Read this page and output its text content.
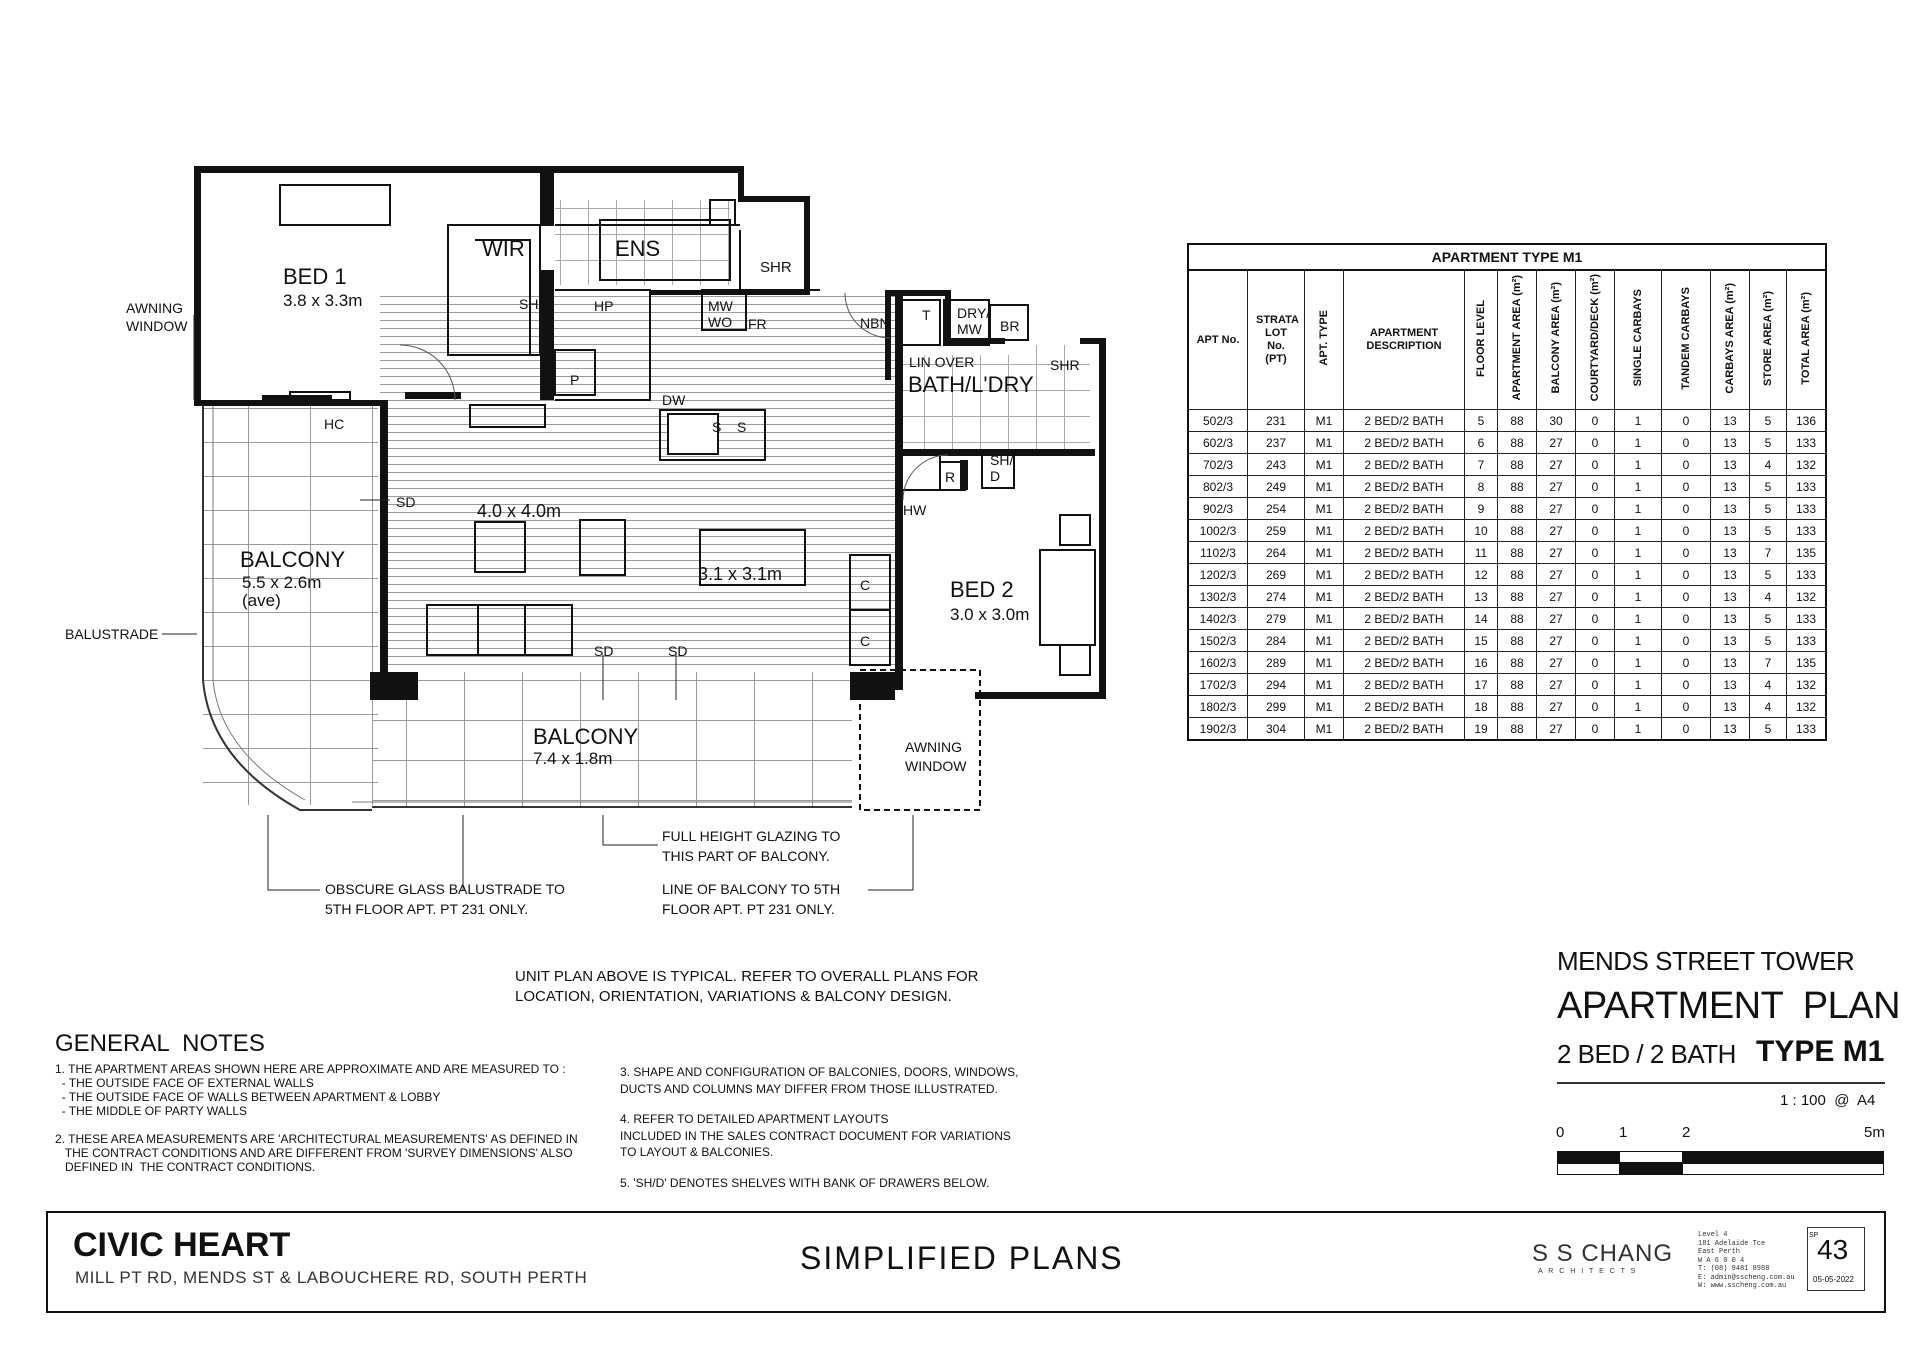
BED 1
3.8 x 3.3m
WIR	ENS
SHR
SH/D	HP	MW
WO FR
P
NBN T DRY/
MW BR
LIN OVER	SHR
BATH/L'DRY
DW
HC
SD	4.0 x 4.0m
3.1 x 3.1m
S S
R
SH/
D
HW
C
C
BED 2
3.0 x 3.0m
BALCONY
5.5 x 2.6m
(ave)
BALCONY
7.4 x 1.8m
SD	SD
AWNING
WINDOW
BALUSTRADE
AWNING
WINDOW
FULL HEIGHT GLAZING TO
THIS PART OF BALCONY.
OBSCURE GLASS BALUSTRADE TO
5TH FLOOR APT. PT 231 ONLY.
LINE OF BALCONY TO 5TH
FLOOR APT. PT 231 ONLY.
APARTMENT TYPE M1												
APT No.	STRATA LOT No. (PT)	APT. TYPE	APARTMENT DESCRIPTION	FLOOR LEVEL	APARTMENT AREA (m²)	BALCONY AREA (m²)	COURTYARD/DECK (m²)	SINGLE CARBAYS	TANDEM CARBAYS	CARBAYS AREA (m²)	STORE AREA (m²)	TOTAL AREA (m²)
502/3	231	M1	2 BED/2 BATH	5	88	30	0	1	0	13	5	136
602/3	237	M1	2 BED/2 BATH	6	88	27	0	1	0	13	5	133
702/3	243	M1	2 BED/2 BATH	7	88	27	0	1	0	13	4	132
802/3	249	M1	2 BED/2 BATH	8	88	27	0	1	0	13	5	133
902/3	254	M1	2 BED/2 BATH	9	88	27	0	1	0	13	5	133
1002/3	259	M1	2 BED/2 BATH	10	88	27	0	1	0	13	5	133
1102/3	264	M1	2 BED/2 BATH	11	88	27	0	1	0	13	7	135
1202/3	269	M1	2 BED/2 BATH	12	88	27	0	1	0	13	5	133
1302/3	274	M1	2 BED/2 BATH	13	88	27	0	1	0	13	4	132
1402/3	279	M1	2 BED/2 BATH	14	88	27	0	1	0	13	5	133
1502/3	284	M1	2 BED/2 BATH	15	88	27	0	1	0	13	5	133
1602/3	289	M1	2 BED/2 BATH	16	88	27	0	1	0	13	7	135
1702/3	294	M1	2 BED/2 BATH	17	88	27	0	1	0	13	4	132
1802/3	299	M1	2 BED/2 BATH	18	88	27	0	1	0	13	4	132
1902/3	304	M1	2 BED/2 BATH	19	88	27	0	1	0	13	5	133
UNIT PLAN ABOVE IS TYPICAL. REFER TO OVERALL PLANS FOR
LOCATION, ORIENTATION, VARIATIONS & BALCONY DESIGN.
MENDS STREET TOWER
APARTMENT  PLAN
2 BED / 2 BATH TYPE M1
1 : 100  @  A4
0	1	2	5m
GENERAL  NOTES
1. THE APARTMENT AREAS SHOWN HERE ARE APPROXIMATE AND ARE MEASURED TO :
- THE OUTSIDE FACE OF EXTERNAL WALLS
- THE OUTSIDE FACE OF WALLS BETWEEN APARTMENT & LOBBY
- THE MIDDLE OF PARTY WALLS
2. THESE AREA MEASUREMENTS ARE 'ARCHITECTURAL MEASUREMENTS' AS DEFINED IN
THE CONTRACT CONDITIONS AND ARE DIFFERENT FROM 'SURVEY DIMENSIONS' ALSO
DEFINED IN  THE CONTRACT CONDITIONS.
3. SHAPE AND CONFIGURATION OF BALCONIES, DOORS, WINDOWS,
DUCTS AND COLUMNS MAY DIFFER FROM THOSE ILLUSTRATED.
4. REFER TO DETAILED APARTMENT LAYOUTS
INCLUDED IN THE SALES CONTRACT DOCUMENT FOR VARIATIONS
TO LAYOUT & BALCONIES.
5. 'SH/D' DENOTES SHELVES WITH BANK OF DRAWERS BELOW.
CIVIC HEART
MILL PT RD, MENDS ST & LABOUCHERE RD, SOUTH PERTH
SIMPLIFIED PLANS	S S CHANG
A R C H I T E C T S
Level 4
181 Adelaide Tce
East Perth
W A 6 0 0 4
T: (08) 9481 8988
E: admin@sscheng.com.au
W: www.sscheng.com.au
SP
43
05-05-2022
